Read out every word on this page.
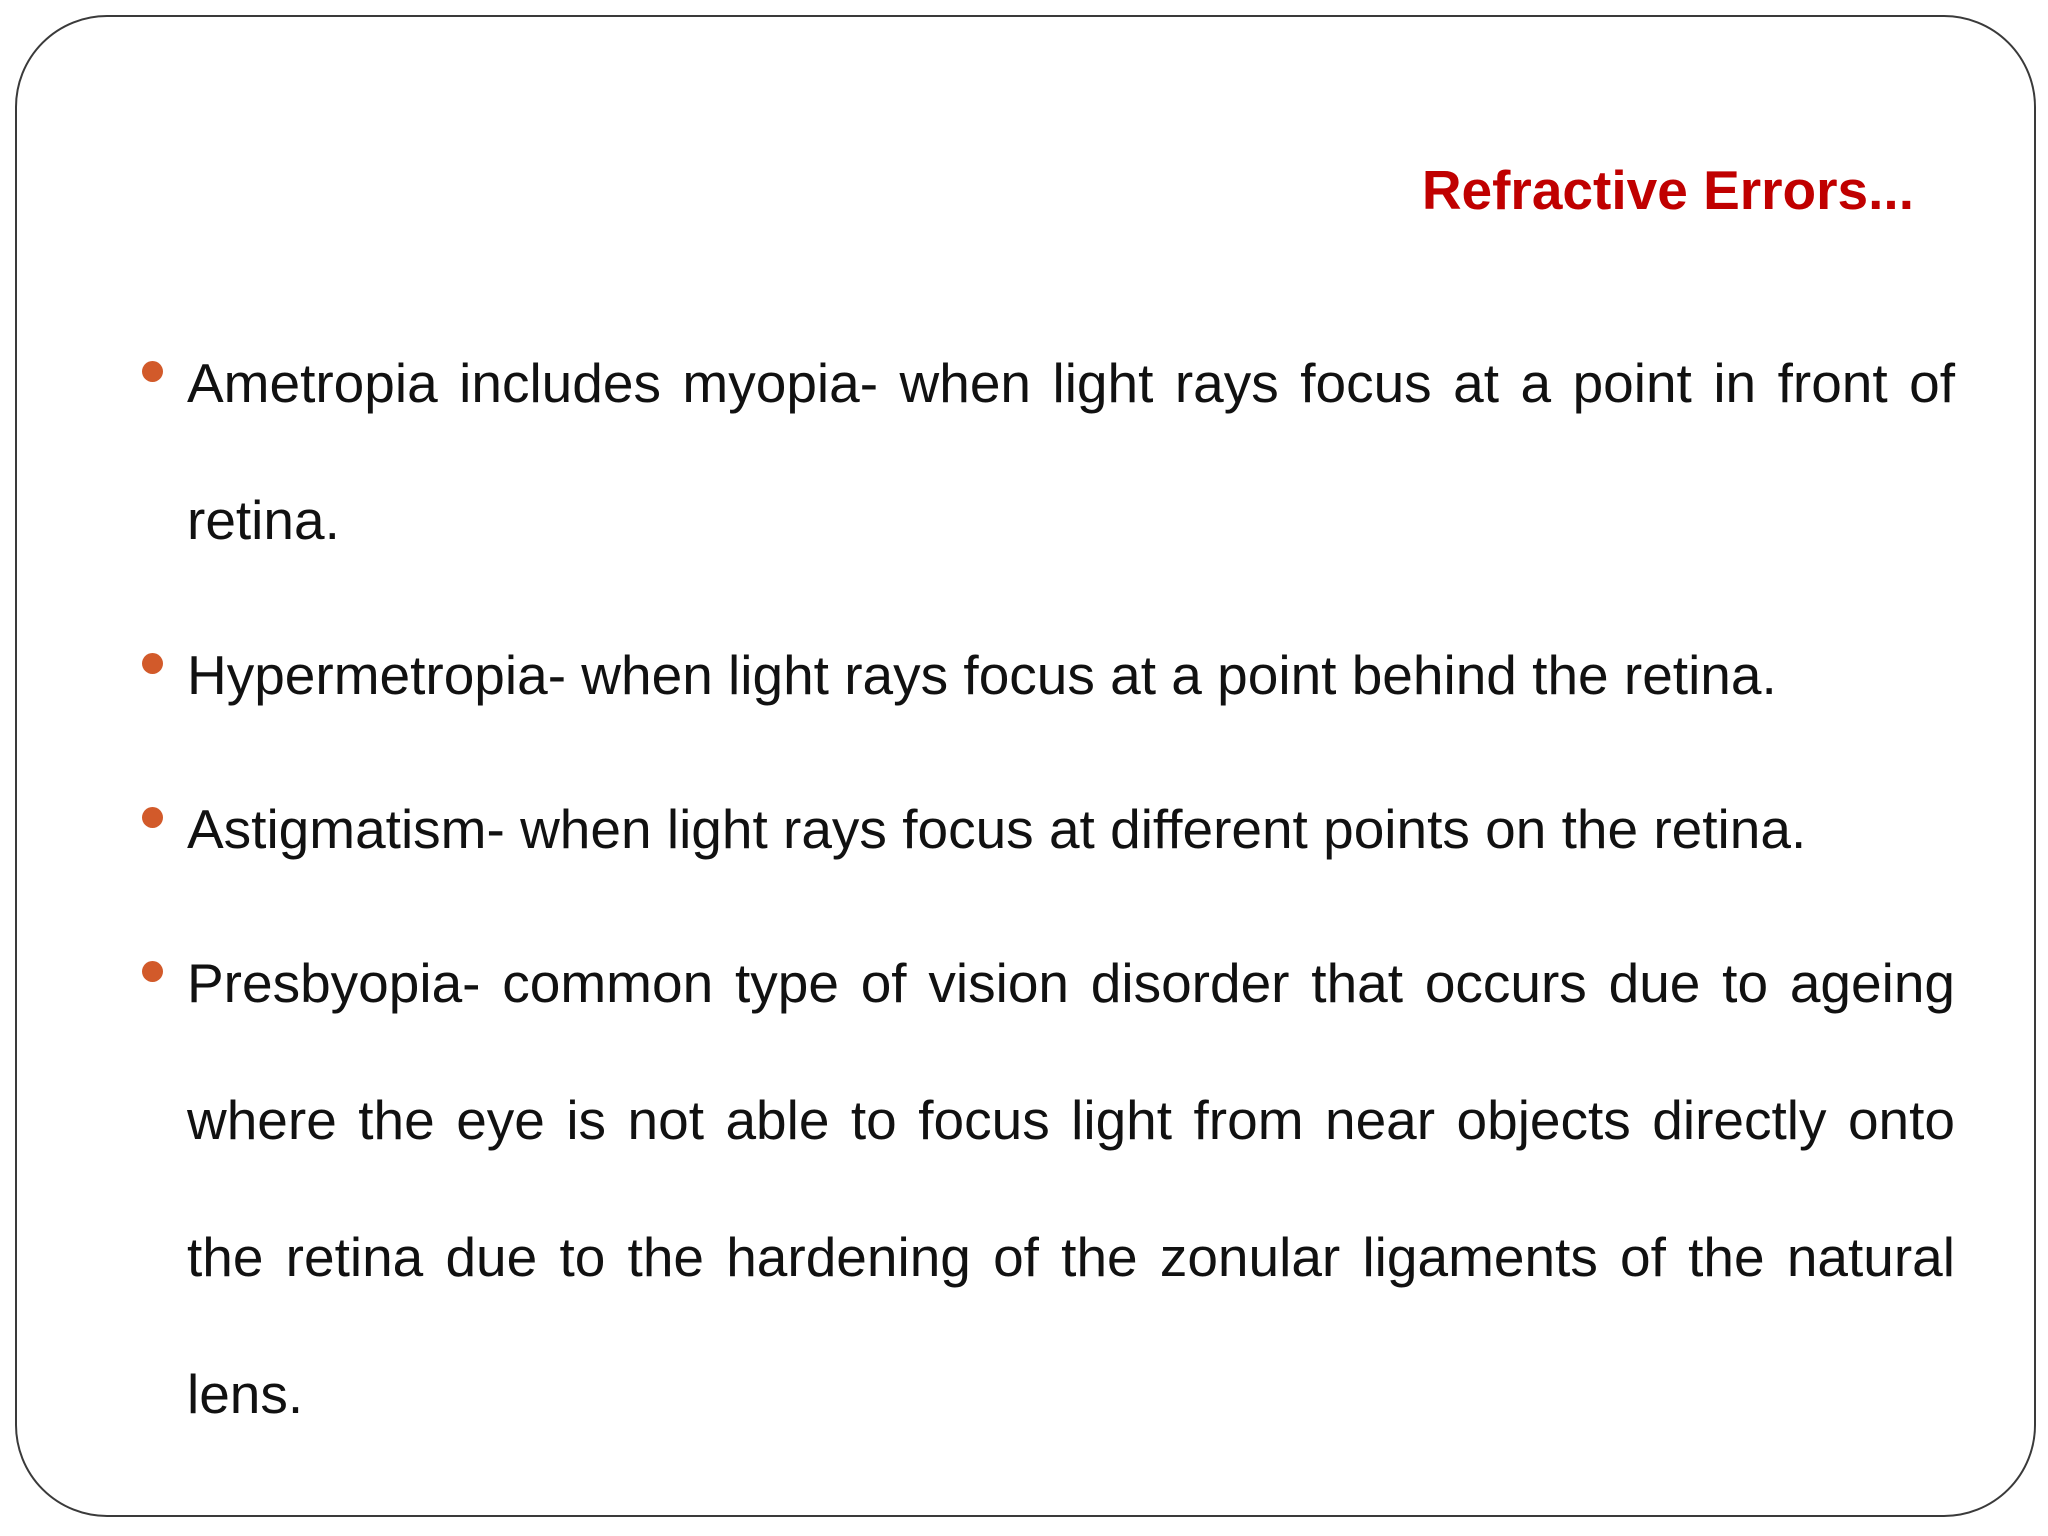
Refractive Errors...
Ametropia includes myopia- when light rays focus at a point in front of retina.
Hypermetropia- when light rays focus at a point behind the retina.
Astigmatism- when light rays focus at different points on the retina.
Presbyopia- common type of vision disorder that occurs due to ageing where the eye is not able to focus light from near objects directly onto the retina due to the hardening of the zonular ligaments of the natural lens.
